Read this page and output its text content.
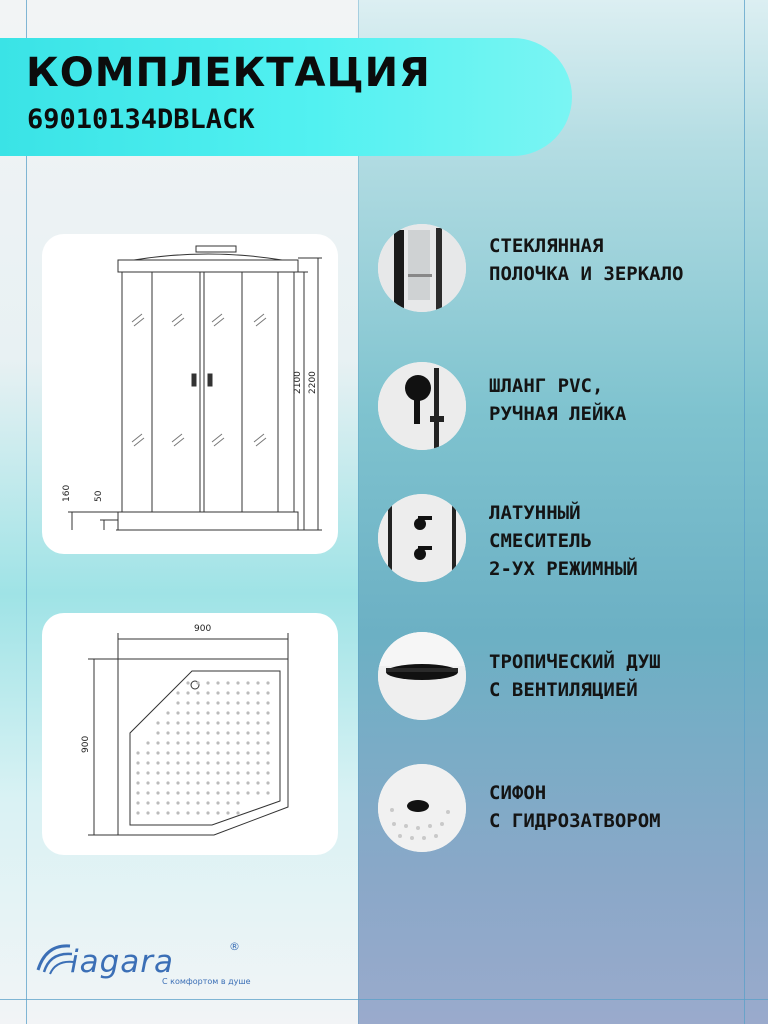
КОМПЛЕКТАЦИЯ
69010134DBLACK
2100 2200
160 50
900
900
СТЕКЛЯННАЯ
ПОЛОЧКА И ЗЕРКАЛО
ШЛАНГ PVC,
РУЧНАЯ ЛЕЙКА
ЛАТУННЫЙ
СМЕСИТЕЛЬ
2-УХ РЕЖИМНЫЙ
ТРОПИЧЕСКИЙ ДУШ
С ВЕНТИЛЯЦИЕЙ
СИФОН
С ГИДРОЗАТВОРОМ
iagara	®
С комфортом в душе
